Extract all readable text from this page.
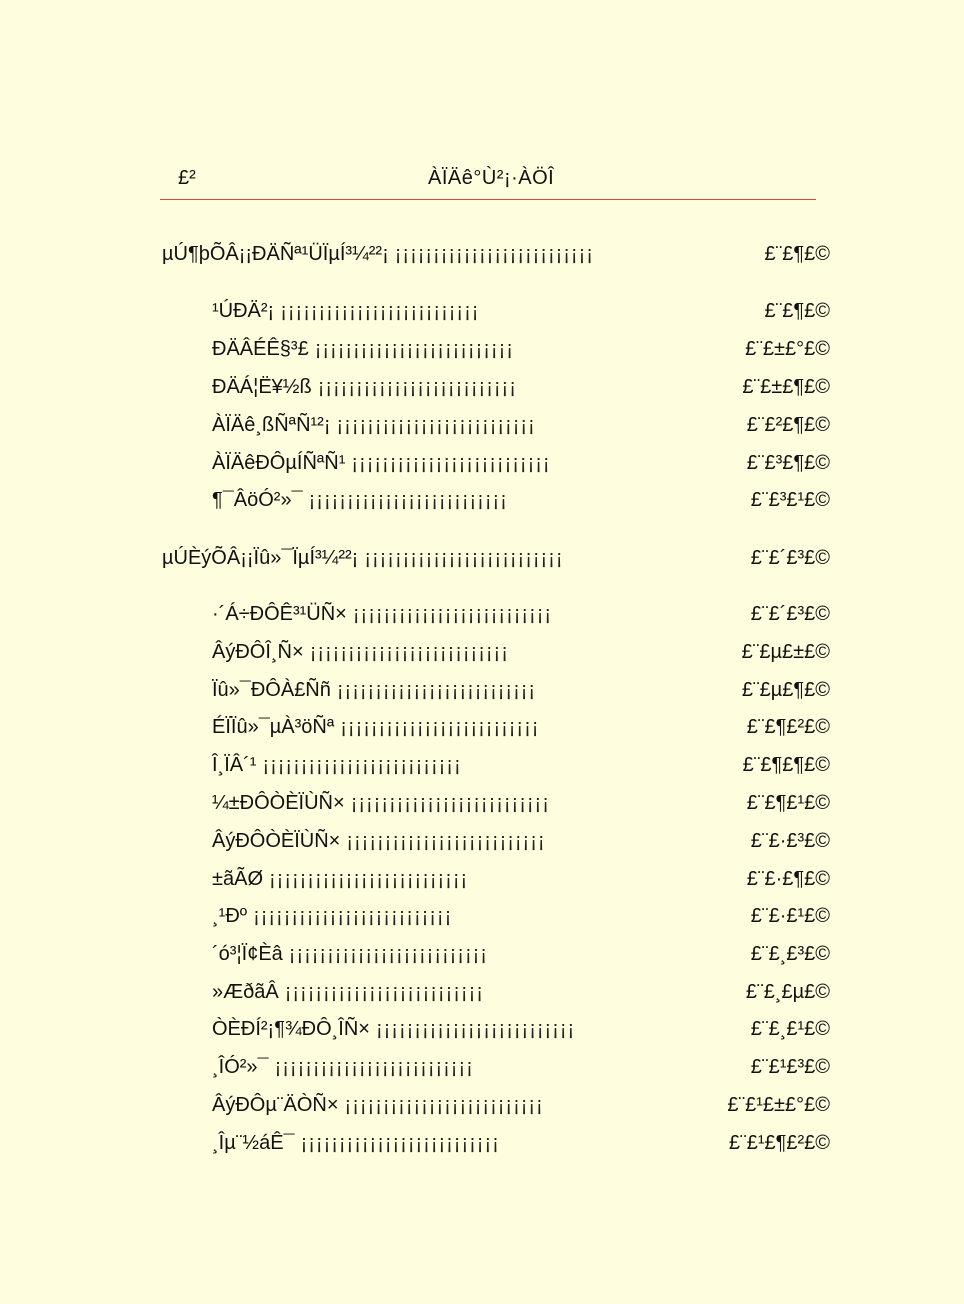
£²	ÀÏÄê°Ù²¡·ÀÖÎ
µÚ¶þÕÂ¡¡ÐÄÑª¹ÜÏµÍ³¼²²¡ ¡¡¡¡¡¡¡¡¡¡¡¡¡¡¡¡¡¡¡¡¡¡¡¡¡¡	£¨£¶£©
¹ÚÐÄ²¡ ¡¡¡¡¡¡¡¡¡¡¡¡¡¡¡¡¡¡¡¡¡¡¡¡¡¡	£¨£¶£©
ÐÄÂÉÊ§³£ ¡¡¡¡¡¡¡¡¡¡¡¡¡¡¡¡¡¡¡¡¡¡¡¡¡¡	£¨£±£°£©
ÐÄÁ¦Ë¥½ß ¡¡¡¡¡¡¡¡¡¡¡¡¡¡¡¡¡¡¡¡¡¡¡¡¡¡	£¨£±£¶£©
ÀÏÄê¸ßÑªÑ¹²¡ ¡¡¡¡¡¡¡¡¡¡¡¡¡¡¡¡¡¡¡¡¡¡¡¡¡¡	£¨£²£¶£©
ÀÏÄêÐÔµÍÑªÑ¹ ¡¡¡¡¡¡¡¡¡¡¡¡¡¡¡¡¡¡¡¡¡¡¡¡¡¡	£¨£³£¶£©
¶¯ÂöÓ²»¯ ¡¡¡¡¡¡¡¡¡¡¡¡¡¡¡¡¡¡¡¡¡¡¡¡¡¡	£¨£³£¹£©
µÚÈýÕÂ¡¡Ïû»¯ÏµÍ³¼²²¡ ¡¡¡¡¡¡¡¡¡¡¡¡¡¡¡¡¡¡¡¡¡¡¡¡¡¡	£¨£´£³£©
·´Á÷ÐÔÊ³¹ÜÑ× ¡¡¡¡¡¡¡¡¡¡¡¡¡¡¡¡¡¡¡¡¡¡¡¡¡¡	£¨£´£³£©
ÂýÐÔÎ¸Ñ× ¡¡¡¡¡¡¡¡¡¡¡¡¡¡¡¡¡¡¡¡¡¡¡¡¡¡	£¨£µ£±£©
Ïû»¯ÐÔÀ£Ññ ¡¡¡¡¡¡¡¡¡¡¡¡¡¡¡¡¡¡¡¡¡¡¡¡¡¡	£¨£µ£¶£©
ÉÏÏû»¯µÀ³öÑª ¡¡¡¡¡¡¡¡¡¡¡¡¡¡¡¡¡¡¡¡¡¡¡¡¡¡	£¨£¶£²£©
Î¸ÏÂ´¹ ¡¡¡¡¡¡¡¡¡¡¡¡¡¡¡¡¡¡¡¡¡¡¡¡¡¡	£¨£¶£¶£©
¼±ÐÔÒÈÏÙÑ× ¡¡¡¡¡¡¡¡¡¡¡¡¡¡¡¡¡¡¡¡¡¡¡¡¡¡	£¨£¶£¹£©
ÂýÐÔÒÈÏÙÑ× ¡¡¡¡¡¡¡¡¡¡¡¡¡¡¡¡¡¡¡¡¡¡¡¡¡¡	£¨£·£³£©
±ãÃØ ¡¡¡¡¡¡¡¡¡¡¡¡¡¡¡¡¡¡¡¡¡¡¡¡¡¡	£¨£·£¶£©
¸¹Ðº ¡¡¡¡¡¡¡¡¡¡¡¡¡¡¡¡¡¡¡¡¡¡¡¡¡¡	£¨£·£¹£©
´ó³¦Ï¢Èâ ¡¡¡¡¡¡¡¡¡¡¡¡¡¡¡¡¡¡¡¡¡¡¡¡¡¡	£¨£¸£³£©
»ÆðãÂ ¡¡¡¡¡¡¡¡¡¡¡¡¡¡¡¡¡¡¡¡¡¡¡¡¡¡	£¨£¸£µ£©
ÒÈÐÍ²¡¶¾ÐÔ¸ÎÑ× ¡¡¡¡¡¡¡¡¡¡¡¡¡¡¡¡¡¡¡¡¡¡¡¡¡¡	£¨£¸£¹£©
¸ÎÓ²»¯ ¡¡¡¡¡¡¡¡¡¡¡¡¡¡¡¡¡¡¡¡¡¡¡¡¡¡	£¨£¹£³£©
ÂýÐÔµ¨ÄÒÑ× ¡¡¡¡¡¡¡¡¡¡¡¡¡¡¡¡¡¡¡¡¡¡¡¡¡¡	£¨£¹£±£°£©
¸Îµ¨½áÊ¯ ¡¡¡¡¡¡¡¡¡¡¡¡¡¡¡¡¡¡¡¡¡¡¡¡¡¡	£¨£¹£¶£²£©
